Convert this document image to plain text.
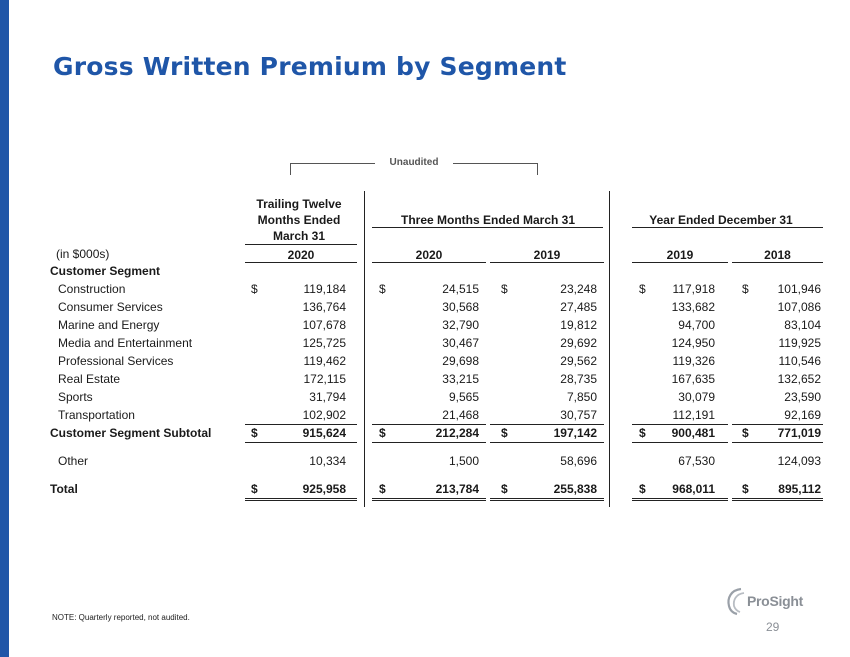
Gross Written Premium by Segment
Unaudited
Trailing Twelve
Months Ended
March 31
Three Months Ended March 31	Year Ended December 31
2020	2020	2019	2019	2018
(in $000s)
Customer Segment
Construction	$	119,184	$	24,515 $	23,248	$ 117,918 $ 101,946
Consumer Services	136,764	30,568	27,485	133,682	107,086
Marine and Energy	107,678	32,790	19,812	94,700	83,104
Media and Entertainment	125,725	30,467	29,692	124,950	119,925
Professional Services	119,462	29,698	29,562	119,326	110,546
Real Estate	172,115	33,215	28,735	167,635	132,652
Sports	31,794	9,565	7,850	30,079	23,590
Transportation	102,902	21,468	30,757	112,191	92,169
Customer Segment Subtotal	$	915,624	$	212,284 $	197,142	$ 900,481 $ 771,019
Other	10,334	1,500	58,696	67,530	124,093
Total	$	925,958	$	213,784 $	255,838	$ 968,011 $ 895,112
NOTE: Quarterly reported, not audited.
ProSight
29
